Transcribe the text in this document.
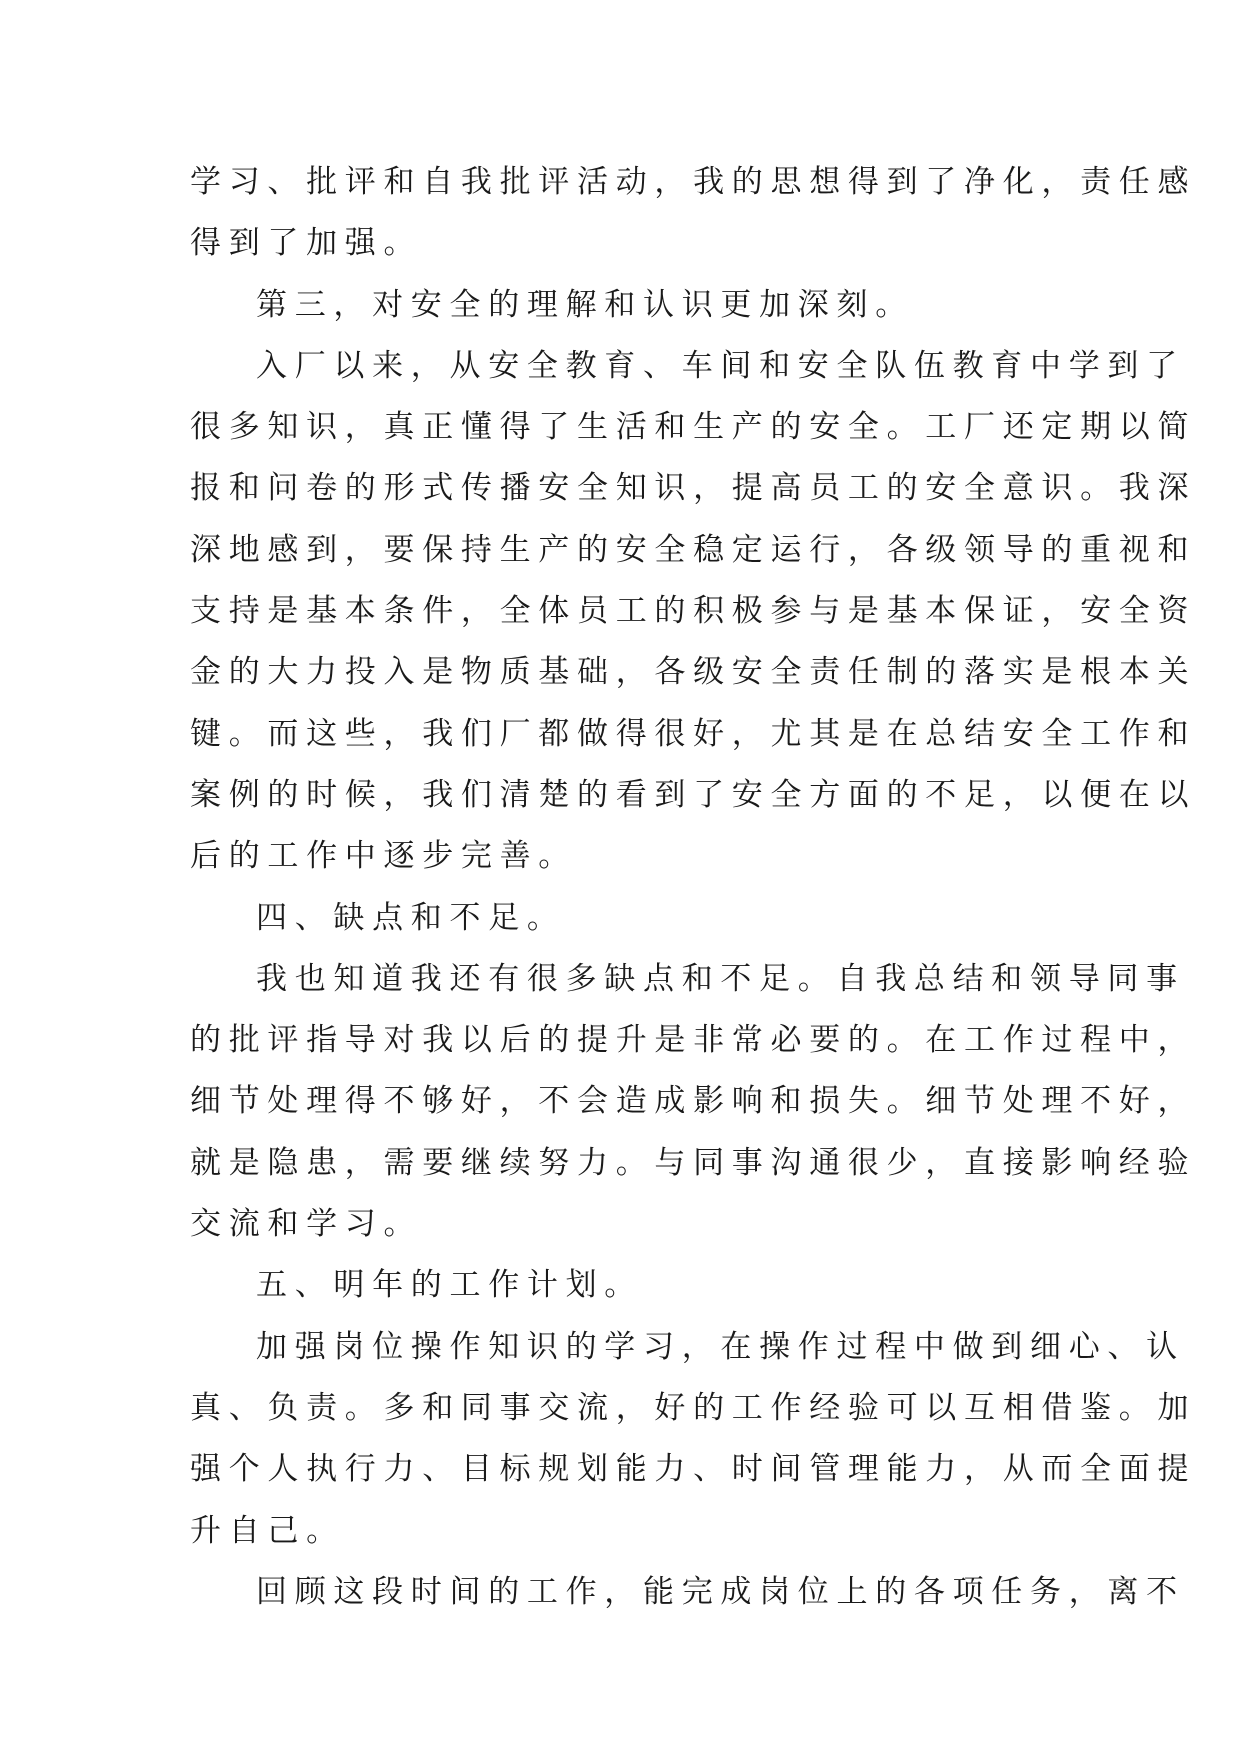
学习、批评和自我批评活动，我的思想得到了净化，责任感
得到了加强。
第三，对安全的理解和认识更加深刻。
入厂以来，从安全教育、车间和安全队伍教育中学到了
很多知识，真正懂得了生活和生产的安全。工厂还定期以简
报和问卷的形式传播安全知识，提高员工的安全意识。我深
深地感到，要保持生产的安全稳定运行，各级领导的重视和
支持是基本条件，全体员工的积极参与是基本保证，安全资
金的大力投入是物质基础，各级安全责任制的落实是根本关
键。而这些，我们厂都做得很好，尤其是在总结安全工作和
案例的时候，我们清楚的看到了安全方面的不足，以便在以
后的工作中逐步完善。
四、缺点和不足。
我也知道我还有很多缺点和不足。自我总结和领导同事
的批评指导对我以后的提升是非常必要的。在工作过程中，
细节处理得不够好，不会造成影响和损失。细节处理不好，
就是隐患，需要继续努力。与同事沟通很少，直接影响经验
交流和学习。
五、明年的工作计划。
加强岗位操作知识的学习，在操作过程中做到细心、认
真、负责。多和同事交流，好的工作经验可以互相借鉴。加
强个人执行力、目标规划能力、时间管理能力，从而全面提
升自己。
回顾这段时间的工作，能完成岗位上的各项任务，离不
